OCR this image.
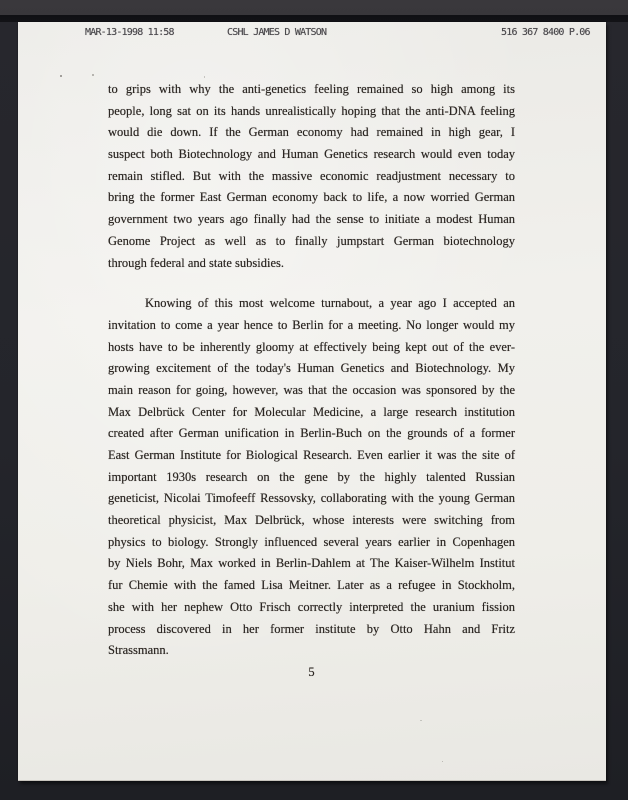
MAR-13-1998 11:58	CSHL JAMES D WATSON	516 367 8400 P.06
to grips with why the anti-genetics feeling remained so high among its
people, long sat on its hands unrealistically hoping that the anti-DNA feeling
would die down. If the German economy had remained in high gear, I
suspect both Biotechnology and Human Genetics research would even today
remain stifled. But with the massive economic readjustment necessary to
bring the former East German economy back to life, a now worried German
government two years ago finally had the sense to initiate a modest Human
Genome Project as well as to finally jumpstart German biotechnology
through federal and state subsidies.
Knowing of this most welcome turnabout, a year ago I accepted an
invitation to come a year hence to Berlin for a meeting. No longer would my
hosts have to be inherently gloomy at effectively being kept out of the ever-
growing excitement of the today's Human Genetics and Biotechnology. My
main reason for going, however, was that the occasion was sponsored by the
Max Delbrück Center for Molecular Medicine, a large research institution
created after German unification in Berlin-Buch on the grounds of a former
East German Institute for Biological Research. Even earlier it was the site of
important 1930s research on the gene by the highly talented Russian
geneticist, Nicolai Timofeeff Ressovsky, collaborating with the young German
theoretical physicist, Max Delbrück, whose interests were switching from
physics to biology. Strongly influenced several years earlier in Copenhagen
by Niels Bohr, Max worked in Berlin-Dahlem at The Kaiser-Wilhelm Institut
fur Chemie with the famed Lisa Meitner. Later as a refugee in Stockholm,
she with her nephew Otto Frisch correctly interpreted the uranium fission
process discovered in her former institute by Otto Hahn and Fritz
Strassmann.
5
